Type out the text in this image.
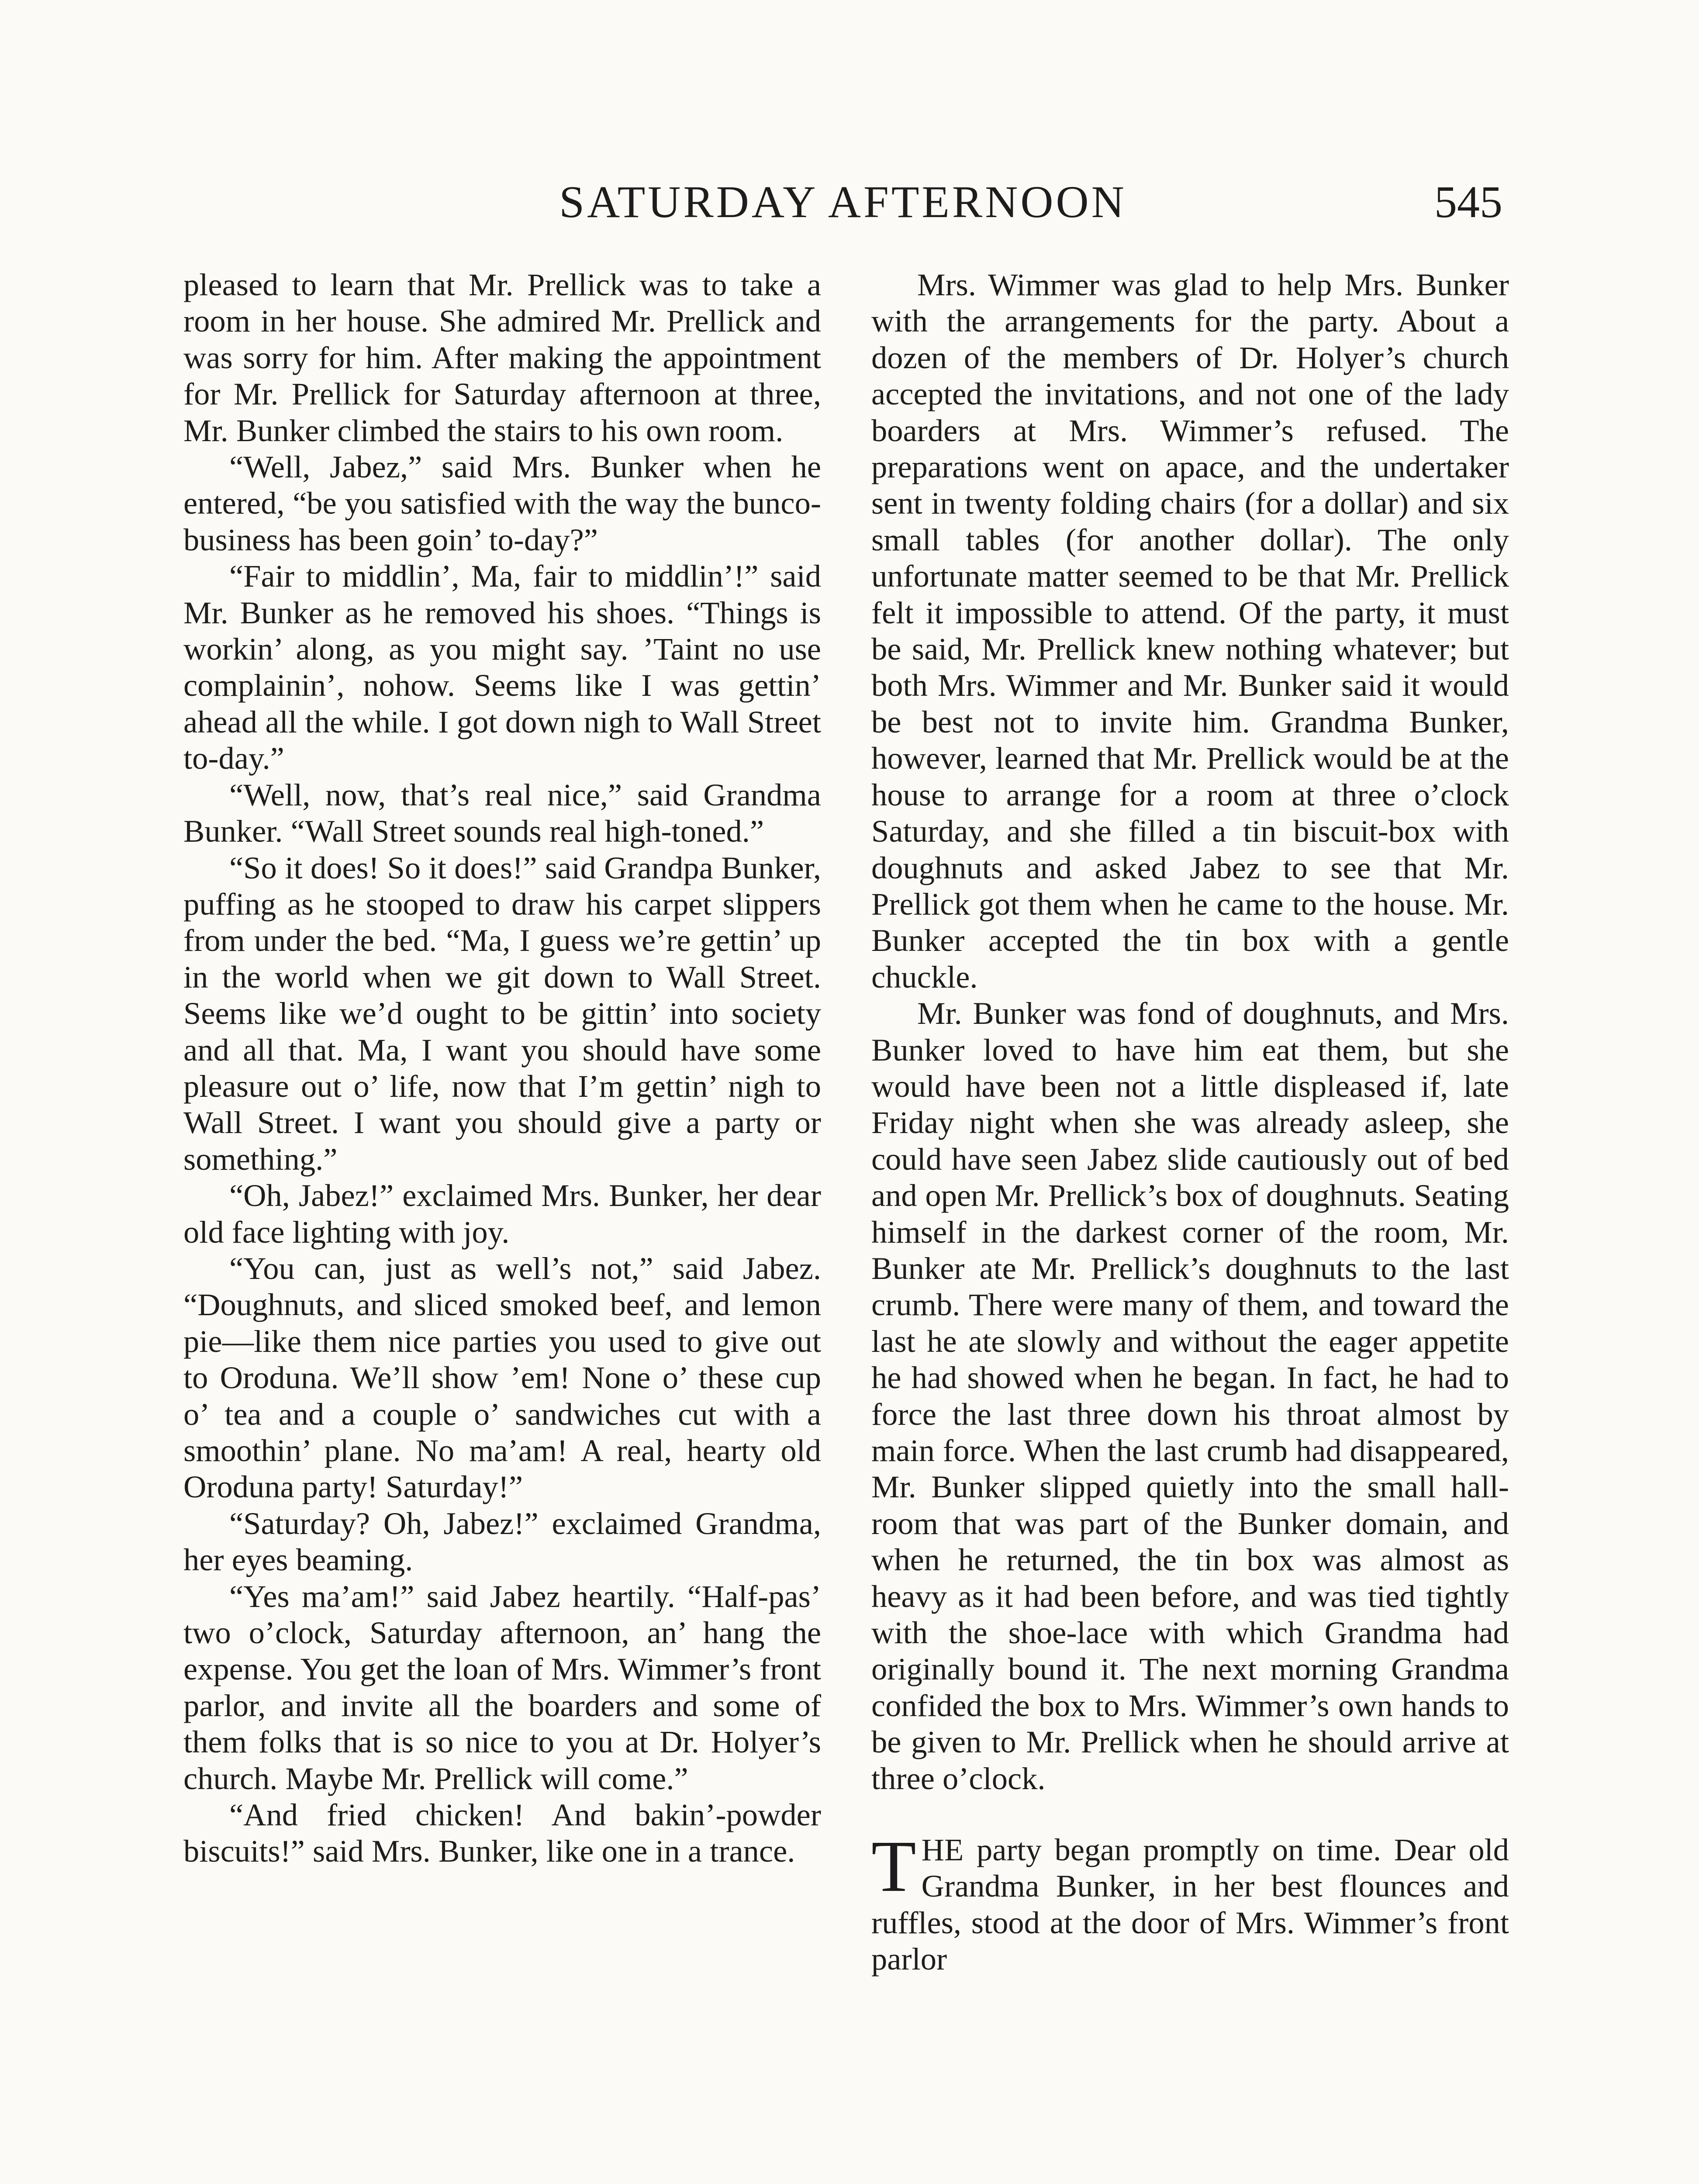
SATURDAY AFTERNOON	545

pleased to learn that Mr. Prellick was to take a room in her house. She admired Mr. Prellick and was sorry for him. After making the appointment for Mr. Prellick for Saturday afternoon at three, Mr. Bunker climbed the stairs to his own room.

“Well, Jabez,” said Mrs. Bunker when he entered, “be you satisfied with the way the bunco-business has been goin’ to-day?”

“Fair to middlin’, Ma, fair to middlin’!” said Mr. Bunker as he removed his shoes. “Things is workin’ along, as you might say. ’Taint no use complainin’, nohow. Seems like I was gettin’ ahead all the while. I got down nigh to Wall Street to-day.”

“Well, now, that’s real nice,” said Grandma Bunker. “Wall Street sounds real high-toned.”

“So it does! So it does!” said Grandpa Bunker, puffing as he stooped to draw his carpet slippers from under the bed. “Ma, I guess we’re gettin’ up in the world when we git down to Wall Street. Seems like we’d ought to be gittin’ into society and all that. Ma, I want you should have some pleasure out o’ life, now that I’m gettin’ nigh to Wall Street. I want you should give a party or something.”

“Oh, Jabez!” exclaimed Mrs. Bunker, her dear old face lighting with joy.

“You can, just as well’s not,” said Jabez. “Doughnuts, and sliced smoked beef, and lemon pie—like them nice parties you used to give out to Oroduna. We’ll show ’em! None o’ these cup o’ tea and a couple o’ sandwiches cut with a smoothin’ plane. No ma’am! A real, hearty old Oroduna party! Saturday!”

“Saturday? Oh, Jabez!” exclaimed Grandma, her eyes beaming.

“Yes ma’am!” said Jabez heartily. “Half-pas’ two o’clock, Saturday afternoon, an’ hang the expense. You get the loan of Mrs. Wimmer’s front parlor, and invite all the boarders and some of them folks that is so nice to you at Dr. Holyer’s church. Maybe Mr. Prellick will come.”

“And fried chicken! And bakin’-powder biscuits!” said Mrs. Bunker, like one in a trance.

Mrs. Wimmer was glad to help Mrs. Bunker with the arrangements for the party. About a dozen of the members of Dr. Holyer’s church accepted the invitations, and not one of the lady boarders at Mrs. Wimmer’s refused. The preparations went on apace, and the undertaker sent in twenty folding chairs (for a dollar) and six small tables (for another dollar). The only unfortunate matter seemed to be that Mr. Prellick felt it impossible to attend. Of the party, it must be said, Mr. Prellick knew nothing whatever; but both Mrs. Wimmer and Mr. Bunker said it would be best not to invite him. Grandma Bunker, however, learned that Mr. Prellick would be at the house to arrange for a room at three o’clock Saturday, and she filled a tin biscuit-box with doughnuts and asked Jabez to see that Mr. Prellick got them when he came to the house. Mr. Bunker accepted the tin box with a gentle chuckle.

Mr. Bunker was fond of doughnuts, and Mrs. Bunker loved to have him eat them, but she would have been not a little displeased if, late Friday night when she was already asleep, she could have seen Jabez slide cautiously out of bed and open Mr. Prellick’s box of doughnuts. Seating himself in the darkest corner of the room, Mr. Bunker ate Mr. Prellick’s doughnuts to the last crumb. There were many of them, and toward the last he ate slowly and without the eager appetite he had showed when he began. In fact, he had to force the last three down his throat almost by main force. When the last crumb had disappeared, Mr. Bunker slipped quietly into the small hall-room that was part of the Bunker domain, and when he returned, the tin box was almost as heavy as it had been before, and was tied tightly with the shoe-lace with which Grandma had originally bound it. The next morning Grandma confided the box to Mrs. Wimmer’s own hands to be given to Mr. Prellick when he should arrive at three o’clock.

THE party began promptly on time. Dear old Grandma Bunker, in her best flounces and ruffles, stood at the door of Mrs. Wimmer’s front parlor
